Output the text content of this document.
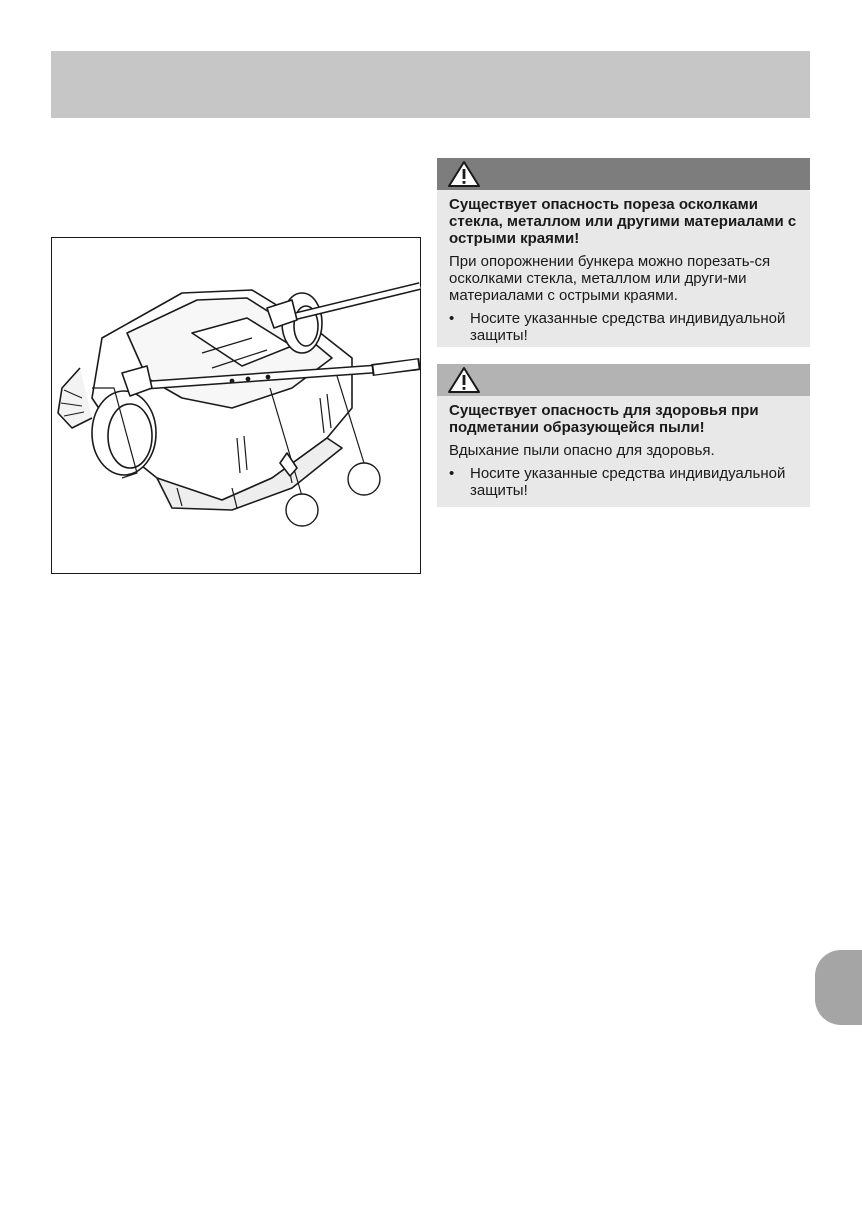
Существует опасность пореза осколками стекла, металлом или другими материалами с острыми краями!

При опорожнении бункера можно порезать-ся осколками стекла, металлом или други-ми материалами с острыми краями.

• Носите указанные средства индивидуальной защиты!

Существует опасность для здоровья при подметании образующейся пыли!

Вдыхание пыли опасно для здоровья.

• Носите указанные средства индивидуальной защиты!
